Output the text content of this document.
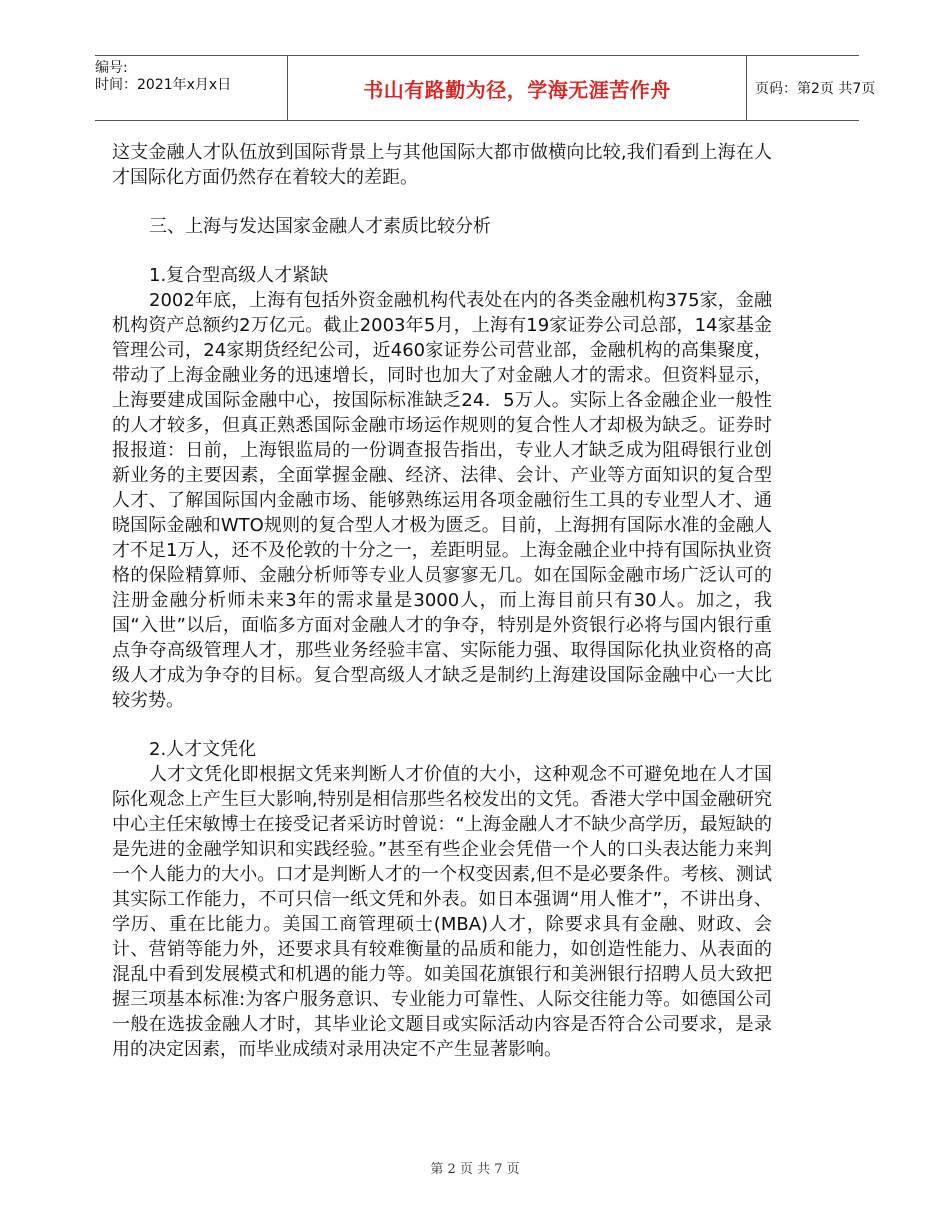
编号:
时间：2021年x月x日	书山有路勤为径，学海无涯苦作舟	页码：第2页 共7页

这支金融人才队伍放到国际背景上与其他国际大都市做横向比较,我们看到上海在人才国际化方面仍然存在着较大的差距。

三、上海与发达国家金融人才素质比较分析

1.复合型高级人才紧缺

2002年底，上海有包括外资金融机构代表处在内的各类金融机构375家，金融机构资产总额约2万亿元。截止2003年5月，上海有19家证券公司总部，14家基金管理公司，24家期货经纪公司，近460家证券公司营业部，金融机构的高集聚度，带动了上海金融业务的迅速增长，同时也加大了对金融人才的需求。但资料显示，上海要建成国际金融中心，按国际标准缺乏24．5万人。实际上各金融企业一般性的人才较多，但真正熟悉国际金融市场运作规则的复合性人才却极为缺乏。证券时报报道：日前，上海银监局的一份调查报告指出，专业人才缺乏成为阻碍银行业创新业务的主要因素，全面掌握金融、经济、法律、会计、产业等方面知识的复合型人才、了解国际国内金融市场、能够熟练运用各项金融衍生工具的专业型人才、通晓国际金融和WTO规则的复合型人才极为匮乏。目前，上海拥有国际水准的金融人才不足1万人，还不及伦敦的十分之一，差距明显。上海金融企业中持有国际执业资格的保险精算师、金融分析师等专业人员寥寥无几。如在国际金融市场广泛认可的注册金融分析师未来3年的需求量是3000人，而上海目前只有30人。加之，我国“入世”以后，面临多方面对金融人才的争夺，特别是外资银行必将与国内银行重点争夺高级管理人才，那些业务经验丰富、实际能力强、取得国际化执业资格的高级人才成为争夺的目标。复合型高级人才缺乏是制约上海建设国际金融中心一大比较劣势。

2.人才文凭化

人才文凭化即根据文凭来判断人才价值的大小，这种观念不可避免地在人才国际化观念上产生巨大影响,特别是相信那些名校发出的文凭。香港大学中国金融研究中心主任宋敏博士在接受记者采访时曾说：“上海金融人才不缺少高学历，最短缺的是先进的金融学知识和实践经验。”甚至有些企业会凭借一个人的口头表达能力来判一个人能力的大小。口才是判断人才的一个权变因素,但不是必要条件。考核、测试其实际工作能力，不可只信一纸文凭和外表。如日本强调“用人惟才”，不讲出身、学历、重在比能力。美国工商管理硕士(MBA)人才，除要求具有金融、财政、会计、营销等能力外，还要求具有较难衡量的品质和能力，如创造性能力、从表面的混乱中看到发展模式和机遇的能力等。如美国花旗银行和美洲银行招聘人员大致把握三项基本标准:为客户服务意识、专业能力可靠性、人际交往能力等。如德国公司一般在选拔金融人才时，其毕业论文题目或实际活动内容是否符合公司要求，是录用的决定因素，而毕业成绩对录用决定不产生显著影响。

第 2 页 共 7 页
